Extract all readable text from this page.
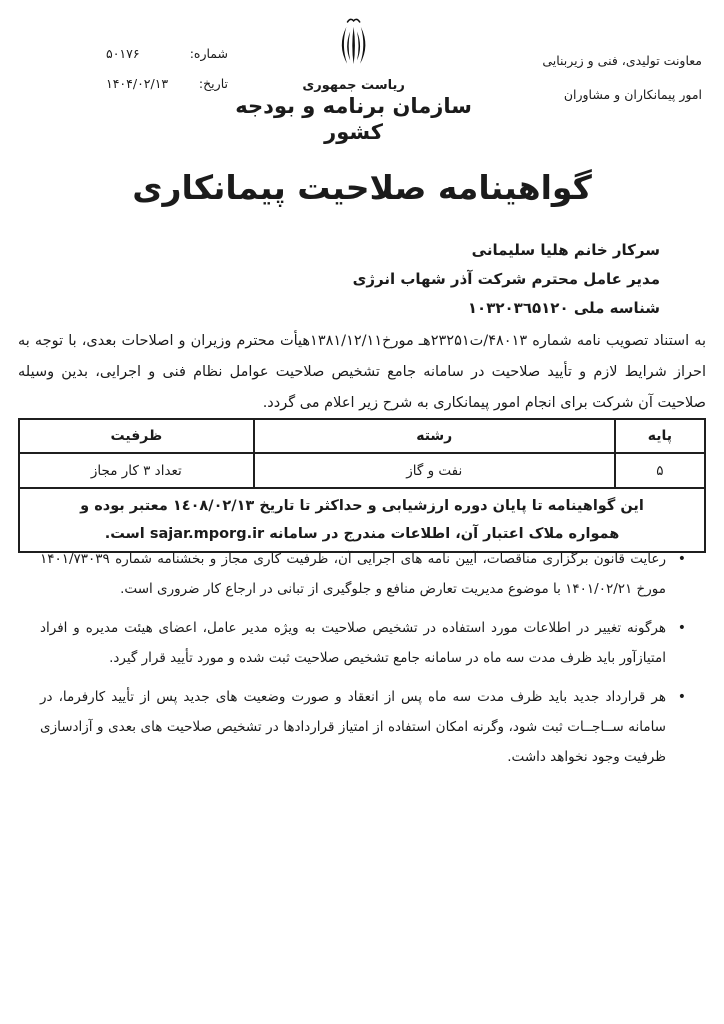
معاونت تولیدی، فنی و زیربنایی
امور پیمانکاران و مشاوران
ریاست جمهوری
سازمان برنامه و بودجه کشور
شماره:
۵۰۱۷۶
تاریخ:
۱۴۰۴/۰۲/۱۳
گواهینامه صلاحیت پیمانکاری
سرکار خانم هلیا سلیمانی
مدیر عامل محترم شرکت آذر شهاب انرژی
شناسه ملی ۱۰۳۲۰۳٦۵۱۲۰
به استناد تصویب نامه شماره ۴۸۰۱۳/ت۲۳۲۵۱هـ مورخ۱۳۸۱/۱۲/۱۱هیأت محترم وزیران و اصلاحات بعدی، با توجه به احراز شرایط لازم و تأیید صلاحیت در سامانه جامع تشخیص صلاحیت عوامل نظام فنی و اجرایی، بدین وسیله صلاحیت آن شرکت برای انجام امور پیمانکاری به شرح زیر اعلام می گردد.
پایه	رشته	ظرفیت
۵	نفت و گاز	تعداد ۳ کار مجاز

این گواهینامه تا پایان دوره ارزشیابی و حداکثر تا تاریخ ۱٤۰۸/۰۲/۱۳ معتبر بوده و
همواره ملاک اعتبار آن، اطلاعات مندرج در سامانه sajar.mporg.ir است.		
• رعایت قانون برگزاری مناقصات، آیین نامه های اجرایی آن، ظرفیت کاری مجاز و بخشنامه شماره ۱۴۰۱/۷۳۰۳۹ مورخ ۱۴۰۱/۰۲/۲۱ با موضوع مدیریت تعارض منافع و جلوگیری از تبانی در ارجاع کار ضروری است.
• هرگونه تغییر در اطلاعات مورد استفاده در تشخیص صلاحیت به ویژه مدیر عامل، اعضای هیئت مدیره و افراد امتیازآور باید ظرف مدت سه ماه در سامانه جامع تشخیص صلاحیت ثبت شده و مورد تأیید قرار گیرد.
• هر قرارداد جدید باید ظرف مدت سه ماه پس از انعقاد و صورت وضعیت های جدید پس از تأیید کارفرما، در سامانه ســاجــات ثبت شود، وگرنه امکان استفاده از امتیاز قراردادها در تشخیص صلاحیت های بعدی و آزادسازی ظرفیت وجود نخواهد داشت.
